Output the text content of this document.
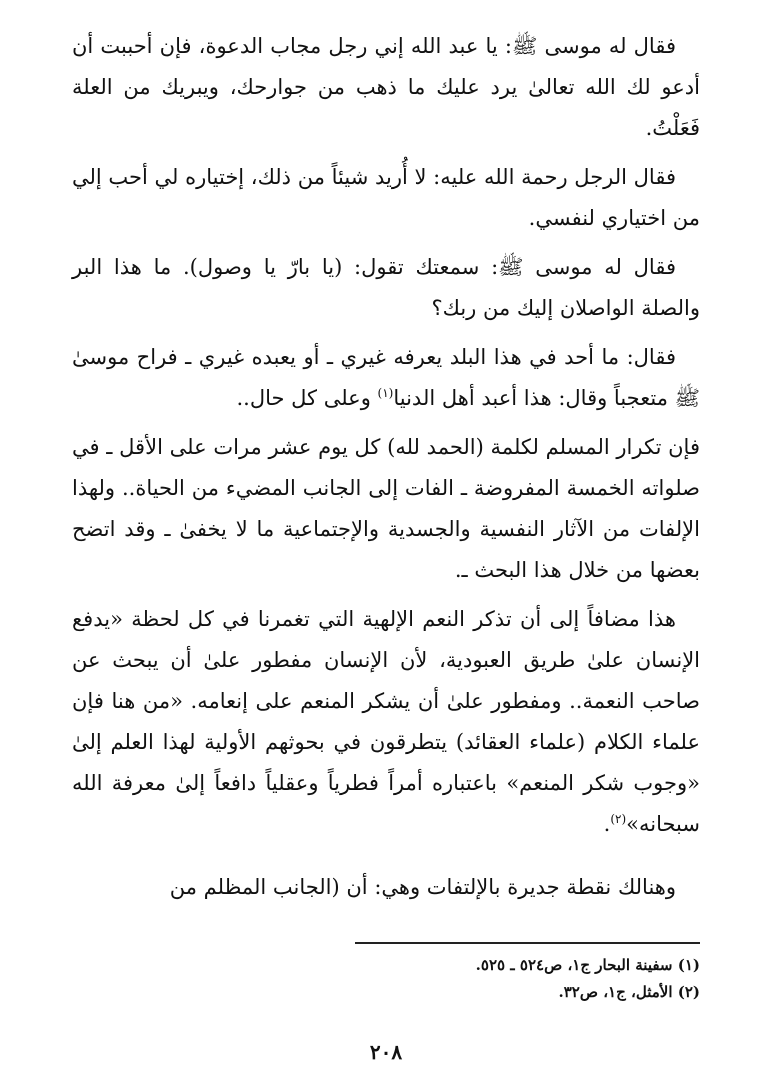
فقال له موسى ﷺ: يا عبد الله إني رجل مجاب الدعوة، فإن أحببت أن أدعو لك الله تعالىٰ يرد عليك ما ذهب من جوارحك، ويبريك من العلة فَعَلْتُ.

فقال الرجل رحمة الله عليه: لا أُريد شيئاً من ذلك، إختياره لي أحب إلي من اختياري لنفسي.

فقال له موسى ﷺ: سمعتك تقول: (يا بارّ يا وصول). ما هذا البر والصلة الواصلان إليك من ربك؟

فقال: ما أحد في هذا البلد يعرفه غيري ـ أو يعبده غيري ـ فراح موسىٰ ﷺ متعجباً وقال: هذا أعبد أهل الدنيا$^{(١)}$ وعلى كل حال..

فإن تكرار المسلم لكلمة (الحمد لله) كل يوم عشر مرات على الأقل ـ في صلواته الخمسة المفروضة ـ الفات إلى الجانب المضيء من الحياة.. ولهذا الإلفات من الآثار النفسية والجسدية والإجتماعية ما لا يخفىٰ ـ وقد اتضح بعضها من خلال هذا البحث ـ.

هذا مضافاً إلى أن تذكر النعم الإلهية التي تغمرنا في كل لحظة «يدفع الإنسان علىٰ طريق العبودية، لأن الإنسان مفطور علىٰ أن يبحث عن صاحب النعمة.. ومفطور علىٰ أن يشكر المنعم على إنعامه. «من هنا فإن علماء الكلام (علماء العقائد) يتطرقون في بحوثهم الأولية لهذا العلم إلىٰ «وجوب شكر المنعم» باعتباره أمراً فطرياً وعقلياً دافعاً إلىٰ معرفة الله سبحانه»$^{(٢)}$.

وهنالك نقطة جديرة بالإلتفات وهي: أن (الجانب المظلم من

(١) سفينة البحار ج١، ص٥٢٤ ـ ٥٢٥.

(٢) الأمثل، ج١، ص٣٢.

٢٠٨
